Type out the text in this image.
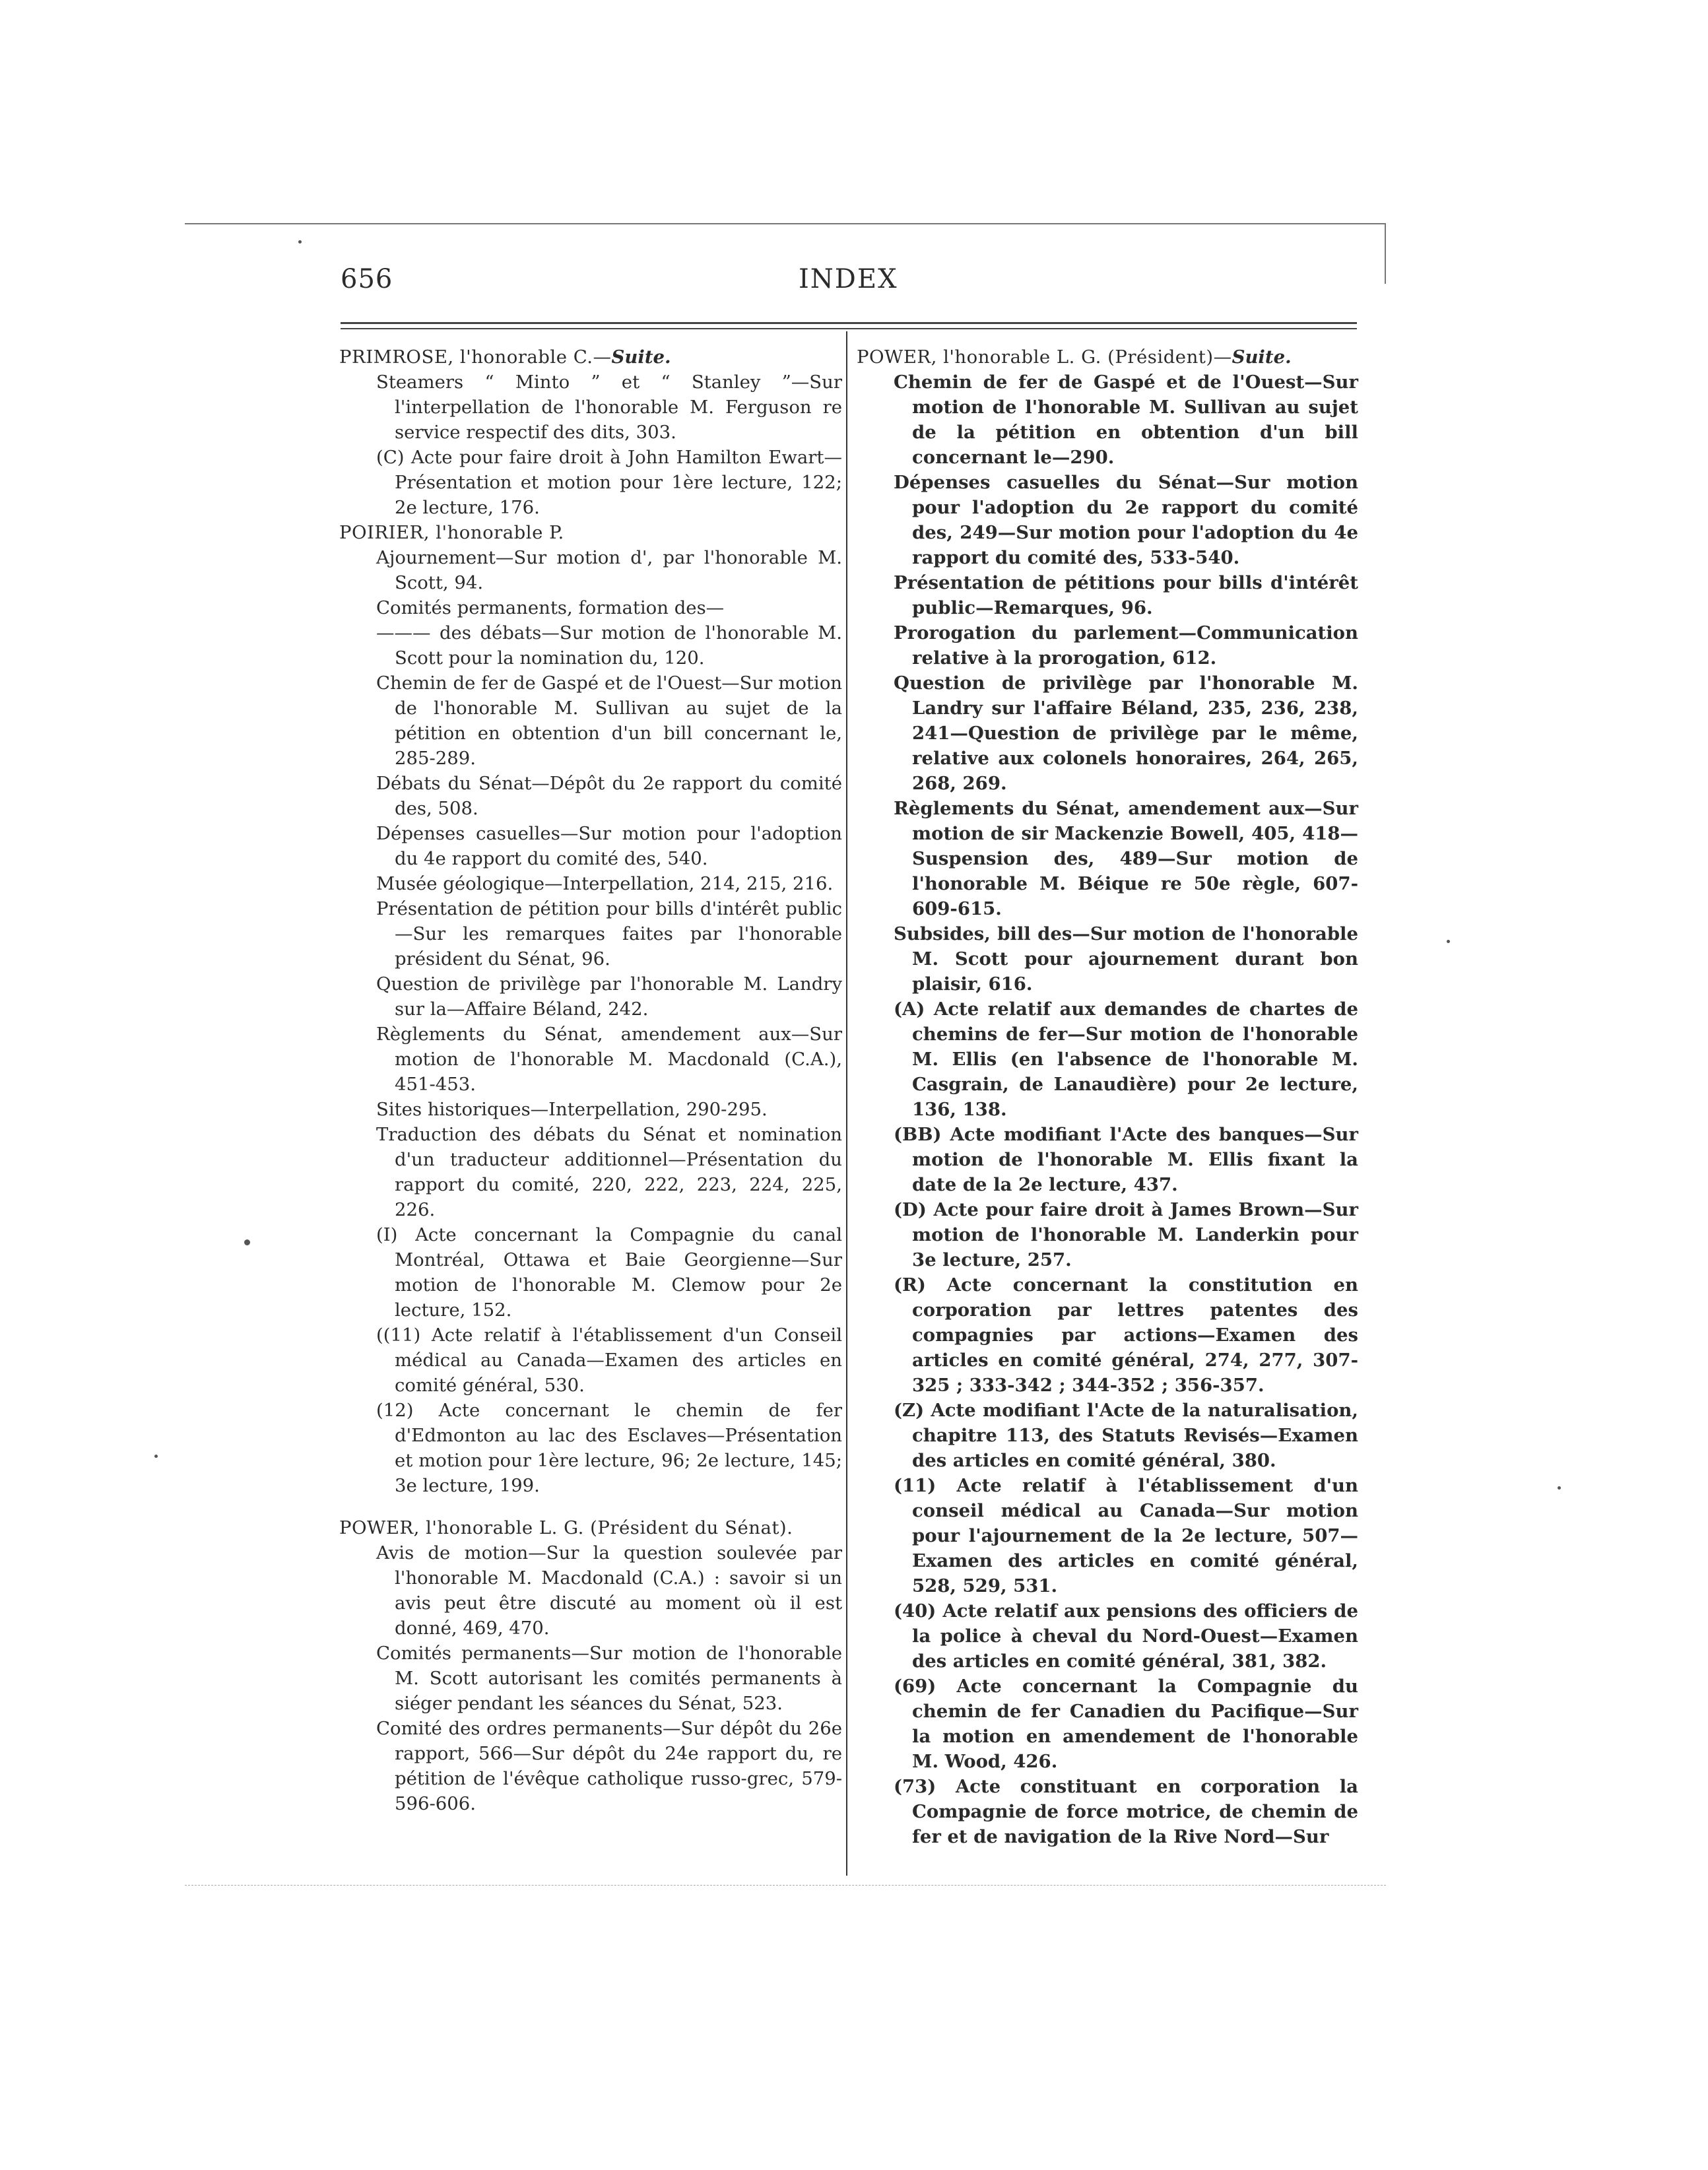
656	INDEX

PRIMROSE, l'honorable C.—Suite.

Steamers “ Minto ” et “ Stanley ”—Sur l'interpellation de l'honorable M. Ferguson re service respectif des dits, 303.

(C) Acte pour faire droit à John Hamilton Ewart—Présentation et motion pour 1ère lecture, 122; 2e lecture, 176.

POIRIER, l'honorable P.

Ajournement—Sur motion d', par l'honorable M. Scott, 94.

Comités permanents, formation des—

——— des débats—Sur motion de l'honorable M. Scott pour la nomination du, 120.

Chemin de fer de Gaspé et de l'Ouest—Sur motion de l'honorable M. Sullivan au sujet de la pétition en obtention d'un bill concernant le, 285-289.

Débats du Sénat—Dépôt du 2e rapport du comité des, 508.

Dépenses casuelles—Sur motion pour l'adoption du 4e rapport du comité des, 540.

Musée géologique—Interpellation, 214, 215, 216.

Présentation de pétition pour bills d'intérêt public—Sur les remarques faites par l'honorable président du Sénat, 96.

Question de privilège par l'honorable M. Landry sur la—Affaire Béland, 242.

Règlements du Sénat, amendement aux—Sur motion de l'honorable M. Macdonald (C.A.), 451-453.

Sites historiques—Interpellation, 290-295.

Traduction des débats du Sénat et nomination d'un traducteur additionnel—Présentation du rapport du comité, 220, 222, 223, 224, 225, 226.

(I) Acte concernant la Compagnie du canal Montréal, Ottawa et Baie Georgienne—Sur motion de l'honorable M. Clemow pour 2e lecture, 152.

((11) Acte relatif à l'établissement d'un Conseil médical au Canada—Examen des articles en comité général, 530.

(12) Acte concernant le chemin de fer d'Edmonton au lac des Esclaves—Présentation et motion pour 1ère lecture, 96; 2e lecture, 145; 3e lecture, 199.

POWER, l'honorable L. G. (Président du Sénat).

Avis de motion—Sur la question soulevée par l'honorable M. Macdonald (C.A.) : savoir si un avis peut être discuté au moment où il est donné, 469, 470.

Comités permanents—Sur motion de l'honorable M. Scott autorisant les comités permanents à siéger pendant les séances du Sénat, 523.

Comité des ordres permanents—Sur dépôt du 26e rapport, 566—Sur dépôt du 24e rapport du, re pétition de l'évêque catholique russo-grec, 579-596-606.

POWER, l'honorable L. G. (Président)—Suite.

Chemin de fer de Gaspé et de l'Ouest—Sur motion de l'honorable M. Sullivan au sujet de la pétition en obtention d'un bill concernant le—290.

Dépenses casuelles du Sénat—Sur motion pour l'adoption du 2e rapport du comité des, 249—Sur motion pour l'adoption du 4e rapport du comité des, 533-540.

Présentation de pétitions pour bills d'intérêt public—Remarques, 96.

Prorogation du parlement—Communication relative à la prorogation, 612.

Question de privilège par l'honorable M. Landry sur l'affaire Béland, 235, 236, 238, 241—Question de privilège par le même, relative aux colonels honoraires, 264, 265, 268, 269.

Règlements du Sénat, amendement aux—Sur motion de sir Mackenzie Bowell, 405, 418—Suspension des, 489—Sur motion de l'honorable M. Béique re 50e règle, 607-609-615.

Subsides, bill des—Sur motion de l'honorable M. Scott pour ajournement durant bon plaisir, 616.

(A) Acte relatif aux demandes de chartes de chemins de fer—Sur motion de l'honorable M. Ellis (en l'absence de l'honorable M. Casgrain, de Lanaudière) pour 2e lecture, 136, 138.

(BB) Acte modifiant l'Acte des banques—Sur motion de l'honorable M. Ellis fixant la date de la 2e lecture, 437.

(D) Acte pour faire droit à James Brown—Sur motion de l'honorable M. Landerkin pour 3e lecture, 257.

(R) Acte concernant la constitution en corporation par lettres patentes des compagnies par actions—Examen des articles en comité général, 274, 277, 307-325 ; 333-342 ; 344-352 ; 356-357.

(Z) Acte modifiant l'Acte de la naturalisation, chapitre 113, des Statuts Revisés—Examen des articles en comité général, 380.

(11) Acte relatif à l'établissement d'un conseil médical au Canada—Sur motion pour l'ajournement de la 2e lecture, 507—Examen des articles en comité général, 528, 529, 531.

(40) Acte relatif aux pensions des officiers de la police à cheval du Nord-Ouest—Examen des articles en comité général, 381, 382.

(69) Acte concernant la Compagnie du chemin de fer Canadien du Pacifique—Sur la motion en amendement de l'honorable M. Wood, 426.

(73) Acte constituant en corporation la Compagnie de force motrice, de chemin de fer et de navigation de la Rive Nord—Sur
